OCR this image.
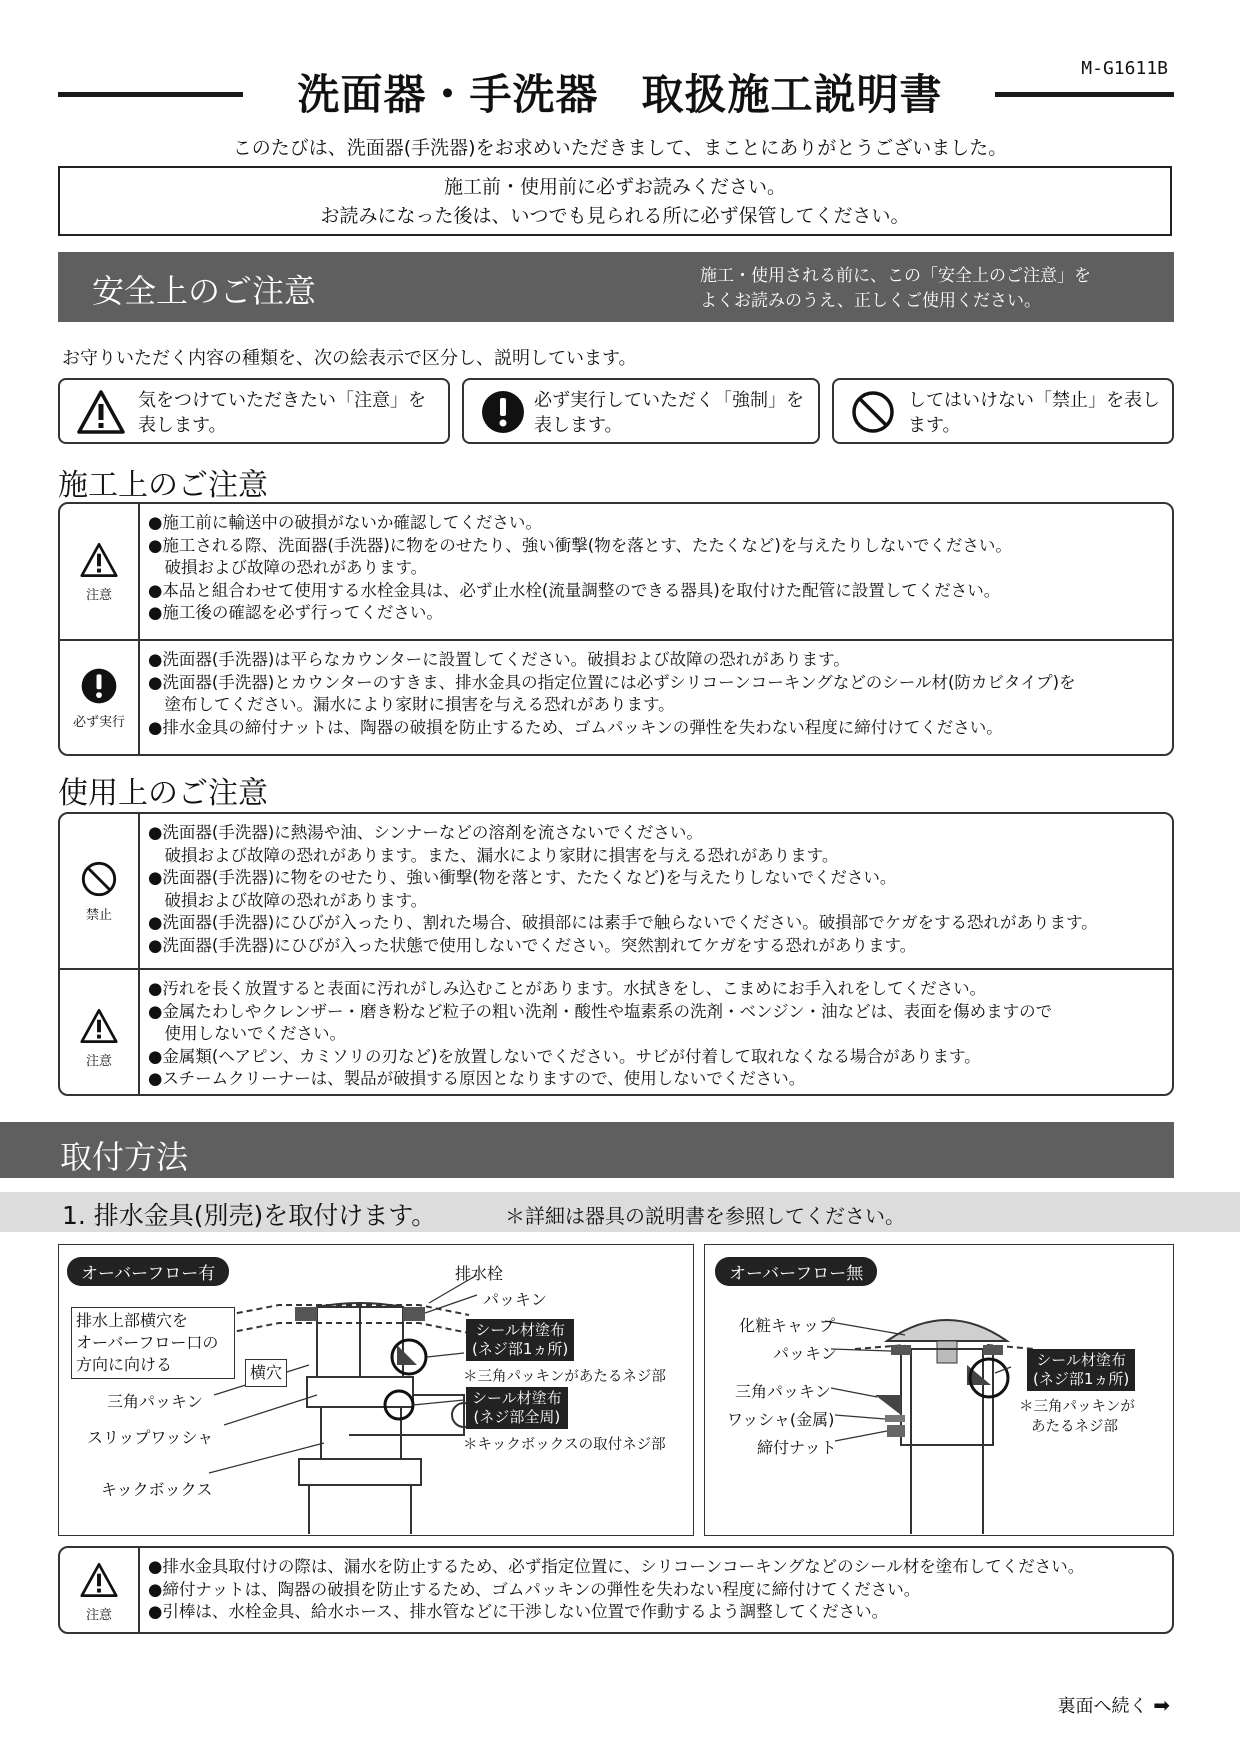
洗面器・手洗器　取扱施工説明書
M-G1611B
このたびは、洗面器(手洗器)をお求めいただきまして、まことにありがとうございました。
施工前・使用前に必ずお読みください。
お読みになった後は、いつでも見られる所に必ず保管してください。
安全上のご注意	施工・使用される前に、この「安全上のご注意」を
よくお読みのうえ、正しくご使用ください。
お守りいただく内容の種類を、次の絵表示で区分し、説明しています。
気をつけていただきたい「注意」を
表します。
必ず実行していただく「強制」を
表します。
してはいけない「禁止」を表し
ます。
施工上のご注意
注意
●施工前に輸送中の破損がないか確認してください。
●施工される際、洗面器(手洗器)に物をのせたり、強い衝撃(物を落とす、たたくなど)を与えたりしないでください。
　破損および故障の恐れがあります。
●本品と組合わせて使用する水栓金具は、必ず止水栓(流量調整のできる器具)を取付けた配管に設置してください。
●施工後の確認を必ず行ってください。
必ず実行
●洗面器(手洗器)は平らなカウンターに設置してください。破損および故障の恐れがあります。
●洗面器(手洗器)とカウンターのすきま、排水金具の指定位置には必ずシリコーンコーキングなどのシール材(防カビタイプ)を
　塗布してください。漏水により家財に損害を与える恐れがあります。
●排水金具の締付ナットは、陶器の破損を防止するため、ゴムパッキンの弾性を失わない程度に締付けてください。
使用上のご注意
禁止
●洗面器(手洗器)に熱湯や油、シンナーなどの溶剤を流さないでください。
　破損および故障の恐れがあります。また、漏水により家財に損害を与える恐れがあります。
●洗面器(手洗器)に物をのせたり、強い衝撃(物を落とす、たたくなど)を与えたりしないでください。
　破損および故障の恐れがあります。
●洗面器(手洗器)にひびが入ったり、割れた場合、破損部には素手で触らないでください。破損部でケガをする恐れがあります。
●洗面器(手洗器)にひびが入った状態で使用しないでください。突然割れてケガをする恐れがあります。
注意
●汚れを長く放置すると表面に汚れがしみ込むことがあります。水拭きをし、こまめにお手入れをしてください。
●金属たわしやクレンザー・磨き粉など粒子の粗い洗剤・酸性や塩素系の洗剤・ベンジン・油などは、表面を傷めますので
　使用しないでください。
●金属類(ヘアピン、カミソリの刃など)を放置しないでください。サビが付着して取れなくなる場合があります。
●スチームクリーナーは、製品が破損する原因となりますので、使用しないでください。
取付方法
1. 排水金具(別売)を取付けます。	＊詳細は器具の説明書を参照してください。
オーバーフロー有	排水栓
パッキン
排水上部横穴を
オーバーフロー口の
方向に向ける	横穴
シール材塗布
(ネジ部1ヵ所)
＊三角パッキンがあたるネジ部
シール材塗布
(ネジ部全周)
＊キックボックスの取付ネジ部
三角パッキン
スリップワッシャ
キックボックス
オーバーフロー無
化粧キャップ
パッキン
三角パッキン
ワッシャ(金属)
締付ナット
シール材塗布
(ネジ部1ヵ所)
＊三角パッキンが
あたるネジ部
注意
●排水金具取付けの際は、漏水を防止するため、必ず指定位置に、シリコーンコーキングなどのシール材を塗布してください。
●締付ナットは、陶器の破損を防止するため、ゴムパッキンの弾性を失わない程度に締付けてください。
●引棒は、水栓金具、給水ホース、排水管などに干渉しない位置で作動するよう調整してください。
裏面へ続く ➡
